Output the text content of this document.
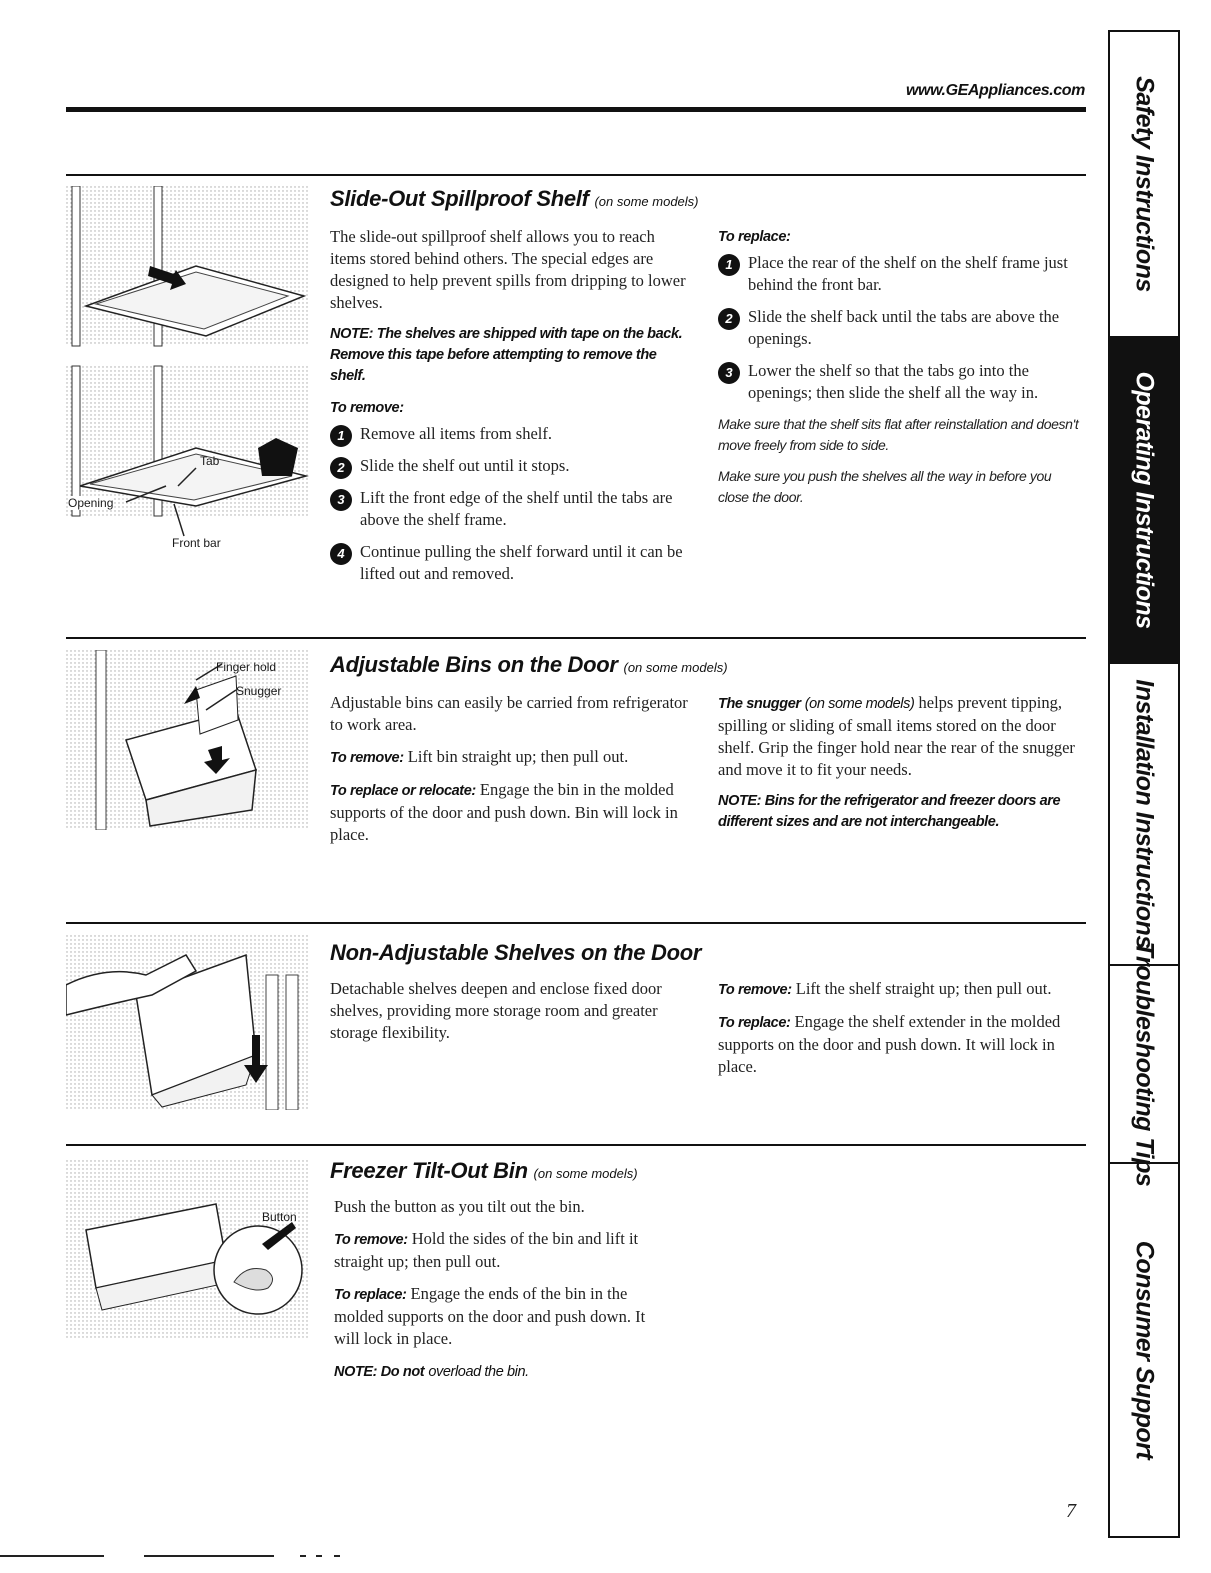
www.GEAppliances.com
Slide-Out Spillproof Shelf (on some models)
Tab
Opening
Front bar

The slide-out spillproof shelf allows you to reach items stored behind others. The special edges are designed to help prevent spills from dripping to lower shelves.

NOTE: The shelves are shipped with tape on the back. Remove this tape before attempting to remove the shelf.
To remove:
1 Remove all items from shelf.
2 Slide the shelf out until it stops.
3 Lift the front edge of the shelf until the tabs are above the shelf frame.
4 Continue pulling the shelf forward until it can be lifted out and removed.
To replace:
1 Place the rear of the shelf on the shelf frame just behind the front bar.
2 Slide the shelf back until the tabs are above the openings.
3 Lower the shelf so that the tabs go into the openings; then slide the shelf all the way in.
Make sure that the shelf sits flat after reinstallation and doesn't move freely from side to side.
Make sure you push the shelves all the way in before you close the door.
Adjustable Bins on the Door (on some models)
Finger hold
Snugger

Adjustable bins can easily be carried from refrigerator to work area.

To remove: Lift bin straight up; then pull out.

To replace or relocate: Engage the bin in the molded supports of the door and push down. Bin will lock in place.

The snugger (on some models) helps prevent tipping, spilling or sliding of small items stored on the door shelf. Grip the finger hold near the rear of the snugger and move it to fit your needs.

NOTE: Bins for the refrigerator and freezer doors are different sizes and are not interchangeable.
Non-Adjustable Shelves on the Door

Detachable shelves deepen and enclose fixed door shelves, providing more storage room and greater storage flexibility.

To remove: Lift the shelf straight up; then pull out.

To replace: Engage the shelf extender in the molded supports on the door and push down. It will lock in place.

Freezer Tilt-Out Bin (on some models)
Button

Push the button as you tilt out the bin.

To remove: Hold the sides of the bin and lift it straight up; then pull out.

To replace: Engage the ends of the bin in the molded supports on the door and push down. It will lock in place.

NOTE: Do not overload the bin.

Safety Instructions
Operating Instructions
Installation Instructions
Troubleshooting Tips
Consumer Support
7
